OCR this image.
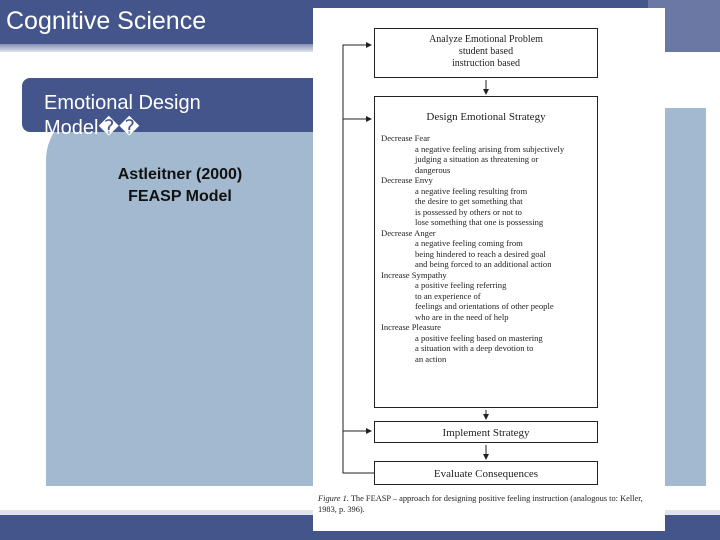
Cognitive Science
Emotional Design Model��
Astleitner (2000)
FEASP Model
Analyze Emotional Problem
student based
instruction based
Design Emotional Strategy
Decrease Fear
a negative feeling arising from subjectively
judging a situation as threatening or
dangerous
Decrease Envy
a negative feeling resulting from
the desire to get something that
is possessed by others or not to
lose something that one is possessing
Decrease Anger
a negative feeling coming from
being hindered to reach a desired goal
and being forced to an additional action
Increase Sympathy
a positive feeling referring
to an experience of
feelings and orientations of other people
who are in the need of help
Increase Pleasure
a positive feeling based on mastering
a situation with a deep devotion to
an action
Implement Strategy
Evaluate Consequences
Figure 1. The FEASP – approach for designing positive feeling instruction (analogous to: Keller, 1983, p. 396).
